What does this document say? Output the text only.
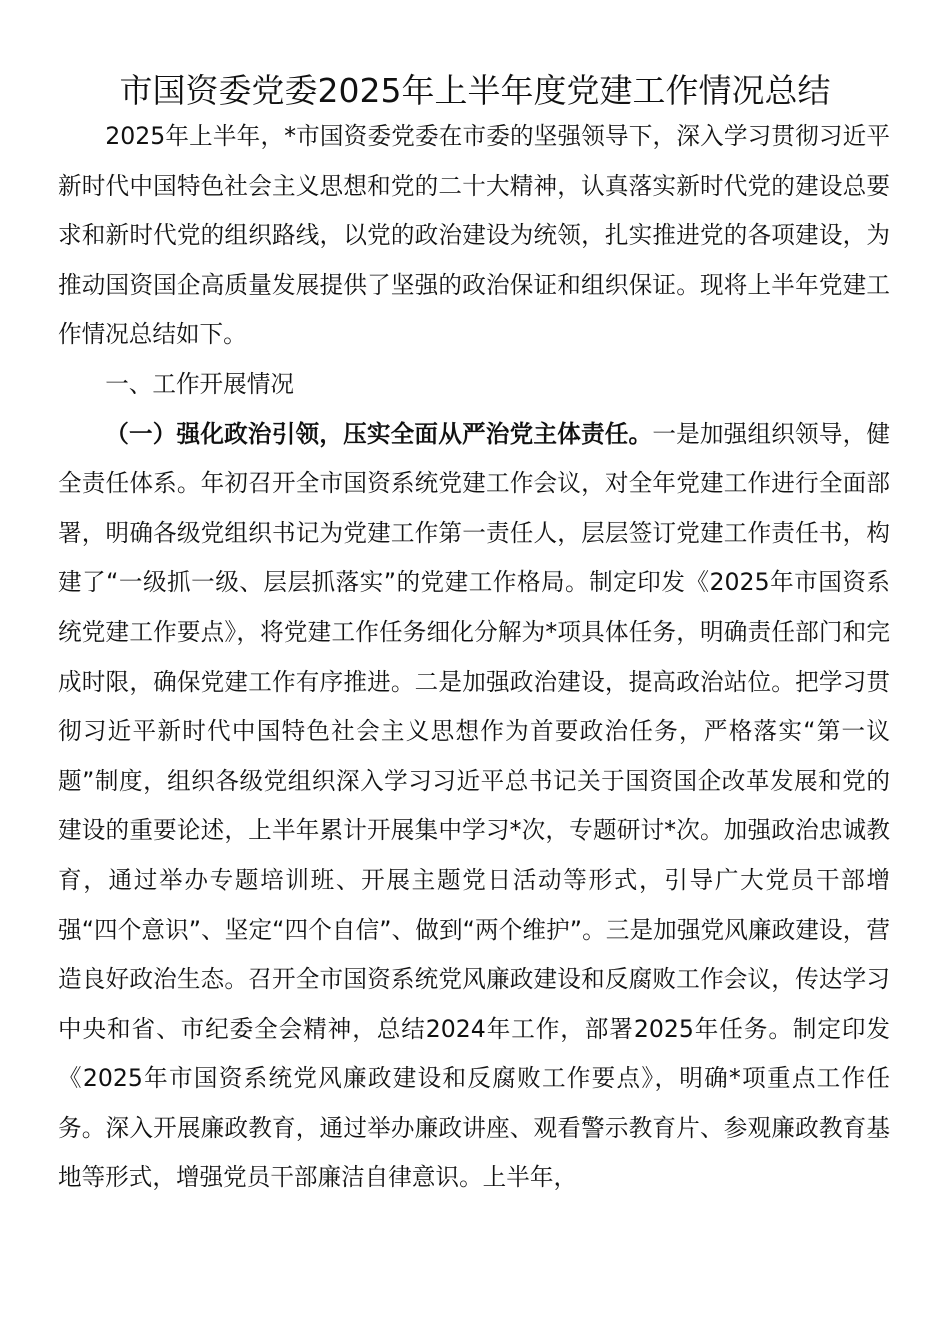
市国资委党委2025年上半年度党建工作情况总结

2025年上半年，*市国资委党委在市委的坚强领导下，深入学习贯彻习近平新时代中国特色社会主义思想和党的二十大精神，认真落实新时代党的建设总要求和新时代党的组织路线，以党的政治建设为统领，扎实推进党的各项建设，为推动国资国企高质量发展提供了坚强的政治保证和组织保证。现将上半年党建工作情况总结如下。

一、工作开展情况

（一）强化政治引领，压实全面从严治党主体责任。一是加强组织领导，健全责任体系。年初召开全市国资系统党建工作会议，对全年党建工作进行全面部署，明确各级党组织书记为党建工作第一责任人，层层签订党建工作责任书，构建了“一级抓一级、层层抓落实”的党建工作格局。制定印发《2025年市国资系统党建工作要点》，将党建工作任务细化分解为*项具体任务，明确责任部门和完成时限，确保党建工作有序推进。二是加强政治建设，提高政治站位。把学习贯彻习近平新时代中国特色社会主义思想作为首要政治任务，严格落实“第一议题”制度，组织各级党组织深入学习习近平总书记关于国资国企改革发展和党的建设的重要论述，上半年累计开展集中学习*次，专题研讨*次。加强政治忠诚教育，通过举办专题培训班、开展主题党日活动等形式，引导广大党员干部增强“四个意识”、坚定“四个自信”、做到“两个维护”。三是加强党风廉政建设，营造良好政治生态。召开全市国资系统党风廉政建设和反腐败工作会议，传达学习中央和省、市纪委全会精神，总结2024年工作，部署2025年任务。制定印发《2025年市国资系统党风廉政建设和反腐败工作要点》，明确*项重点工作任务。深入开展廉政教育，通过举办廉政讲座、观看警示教育片、参观廉政教育基地等形式，增强党员干部廉洁自律意识。上半年，
